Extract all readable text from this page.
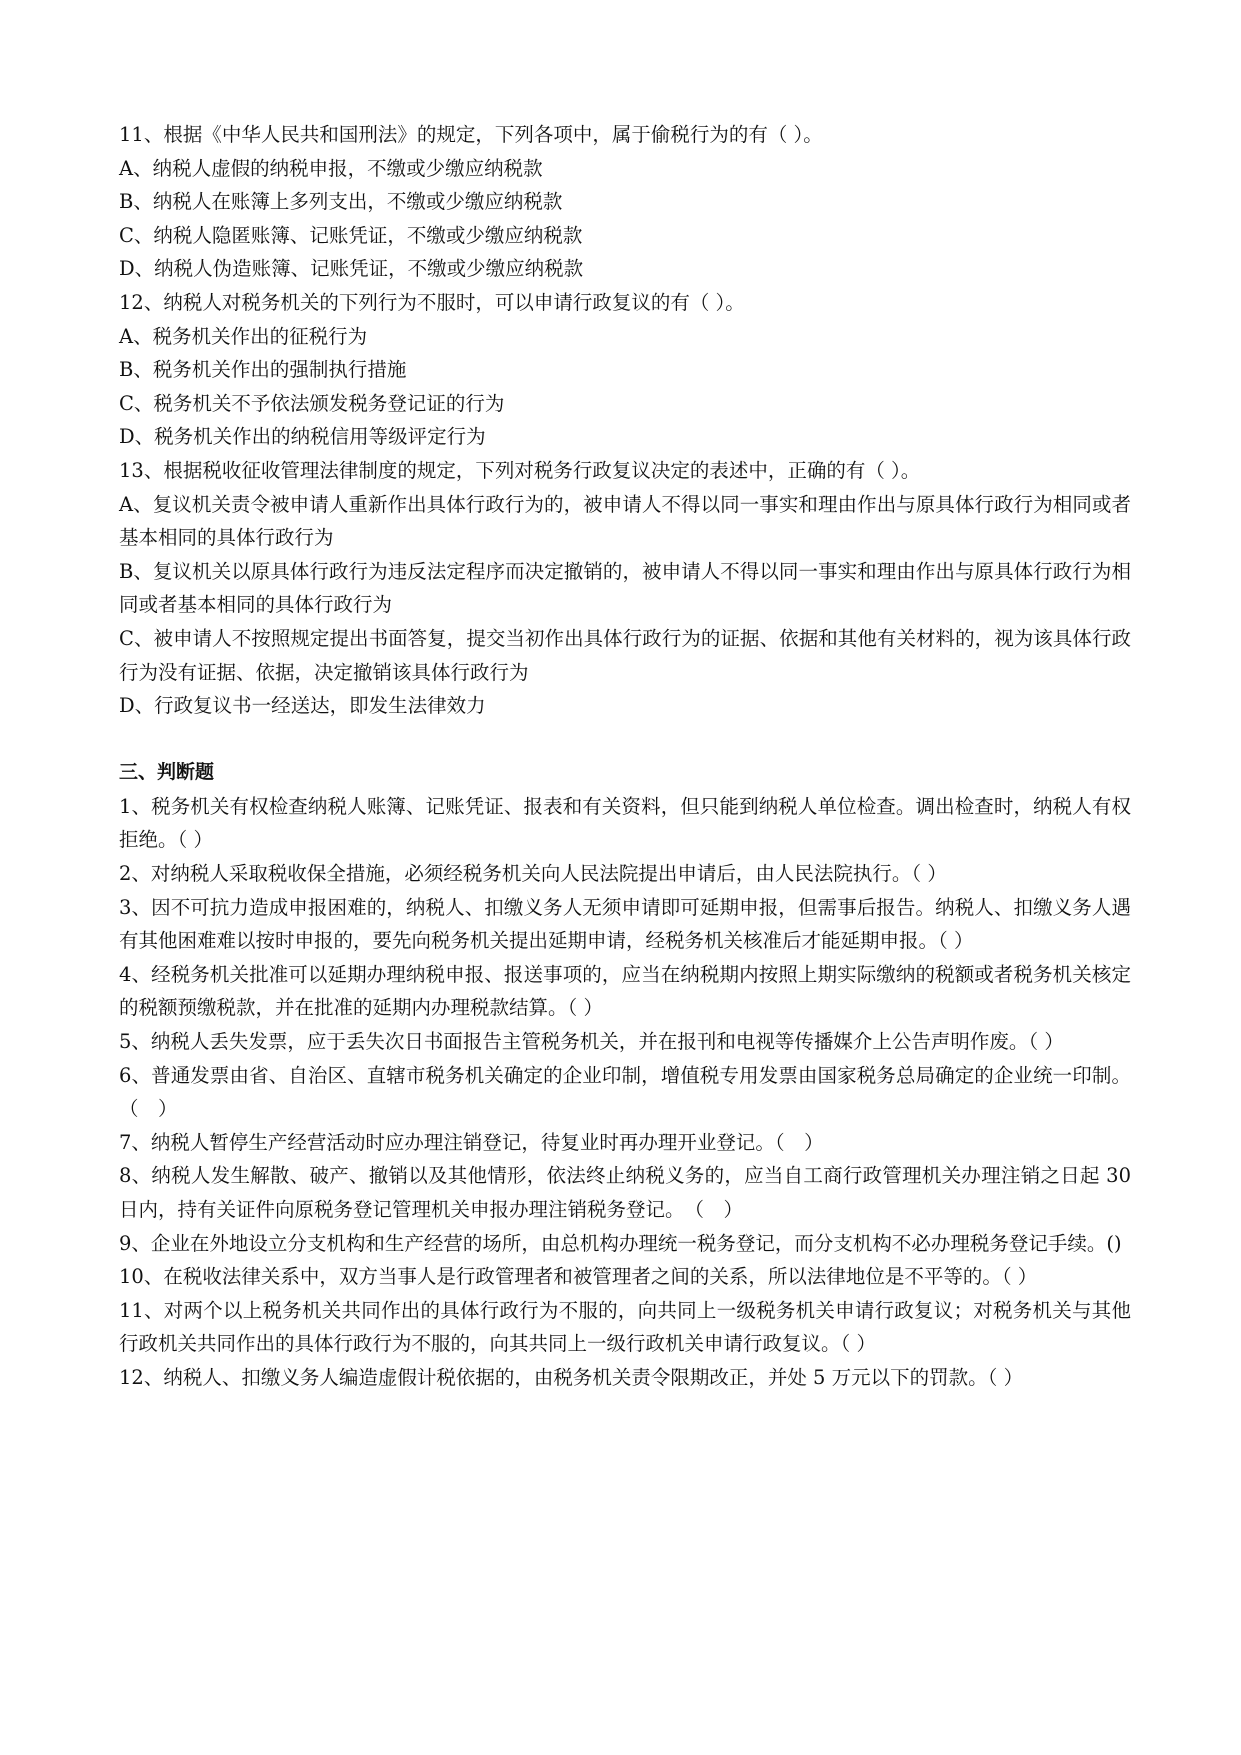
11、根据《中华人民共和国刑法》的规定，下列各项中，属于偷税行为的有（ ）。
A、纳税人虚假的纳税申报，不缴或少缴应纳税款
B、纳税人在账簿上多列支出，不缴或少缴应纳税款
C、纳税人隐匿账簿、记账凭证，不缴或少缴应纳税款
D、纳税人伪造账簿、记账凭证，不缴或少缴应纳税款
12、纳税人对税务机关的下列行为不服时，可以申请行政复议的有（ ）。
A、税务机关作出的征税行为
B、税务机关作出的强制执行措施
C、税务机关不予依法颁发税务登记证的行为
D、税务机关作出的纳税信用等级评定行为
13、根据税收征收管理法律制度的规定，下列对税务行政复议决定的表述中，正确的有（ ）。
A、复议机关责令被申请人重新作出具体行政行为的，被申请人不得以同一事实和理由作出与原具体行政行为相同或者基本相同的具体行政行为
B、复议机关以原具体行政行为违反法定程序而决定撤销的，被申请人不得以同一事实和理由作出与原具体行政行为相同或者基本相同的具体行政行为
C、被申请人不按照规定提出书面答复，提交当初作出具体行政行为的证据、依据和其他有关材料的，视为该具体行政行为没有证据、依据，决定撤销该具体行政行为
D、行政复议书一经送达，即发生法律效力
三、判断题
1、税务机关有权检查纳税人账簿、记账凭证、报表和有关资料，但只能到纳税人单位检查。调出检查时，纳税人有权拒绝。（ ）
2、对纳税人采取税收保全措施，必须经税务机关向人民法院提出申请后，由人民法院执行。（ ）
3、因不可抗力造成申报困难的，纳税人、扣缴义务人无须申请即可延期申报，但需事后报告。纳税人、扣缴义务人遇有其他困难难以按时申报的，要先向税务机关提出延期申请，经税务机关核准后才能延期申报。（ ）
4、经税务机关批准可以延期办理纳税申报、报送事项的，应当在纳税期内按照上期实际缴纳的税额或者税务机关核定的税额预缴税款，并在批准的延期内办理税款结算。（ ）
5、纳税人丢失发票，应于丢失次日书面报告主管税务机关，并在报刊和电视等传播媒介上公告声明作废。（ ）
6、普通发票由省、自治区、直辖市税务机关确定的企业印制，增值税专用发票由国家税务总局确定的企业统一印制。（　）
7、纳税人暂停生产经营活动时应办理注销登记，待复业时再办理开业登记。（　）
8、纳税人发生解散、破产、撤销以及其他情形，依法终止纳税义务的，应当自工商行政管理机关办理注销之日起 30 日内，持有关证件向原税务登记管理机关申报办理注销税务登记。　（　）
9、企业在外地设立分支机构和生产经营的场所，由总机构办理统一税务登记，而分支机构不必办理税务登记手续。()
10、在税收法律关系中，双方当事人是行政管理者和被管理者之间的关系，所以法律地位是不平等的。（ ）
11、对两个以上税务机关共同作出的具体行政行为不服的，向共同上一级税务机关申请行政复议；对税务机关与其他行政机关共同作出的具体行政行为不服的，向其共同上一级行政机关申请行政复议。（ ）
12、纳税人、扣缴义务人编造虚假计税依据的，由税务机关责令限期改正，并处 5 万元以下的罚款。（ ）
